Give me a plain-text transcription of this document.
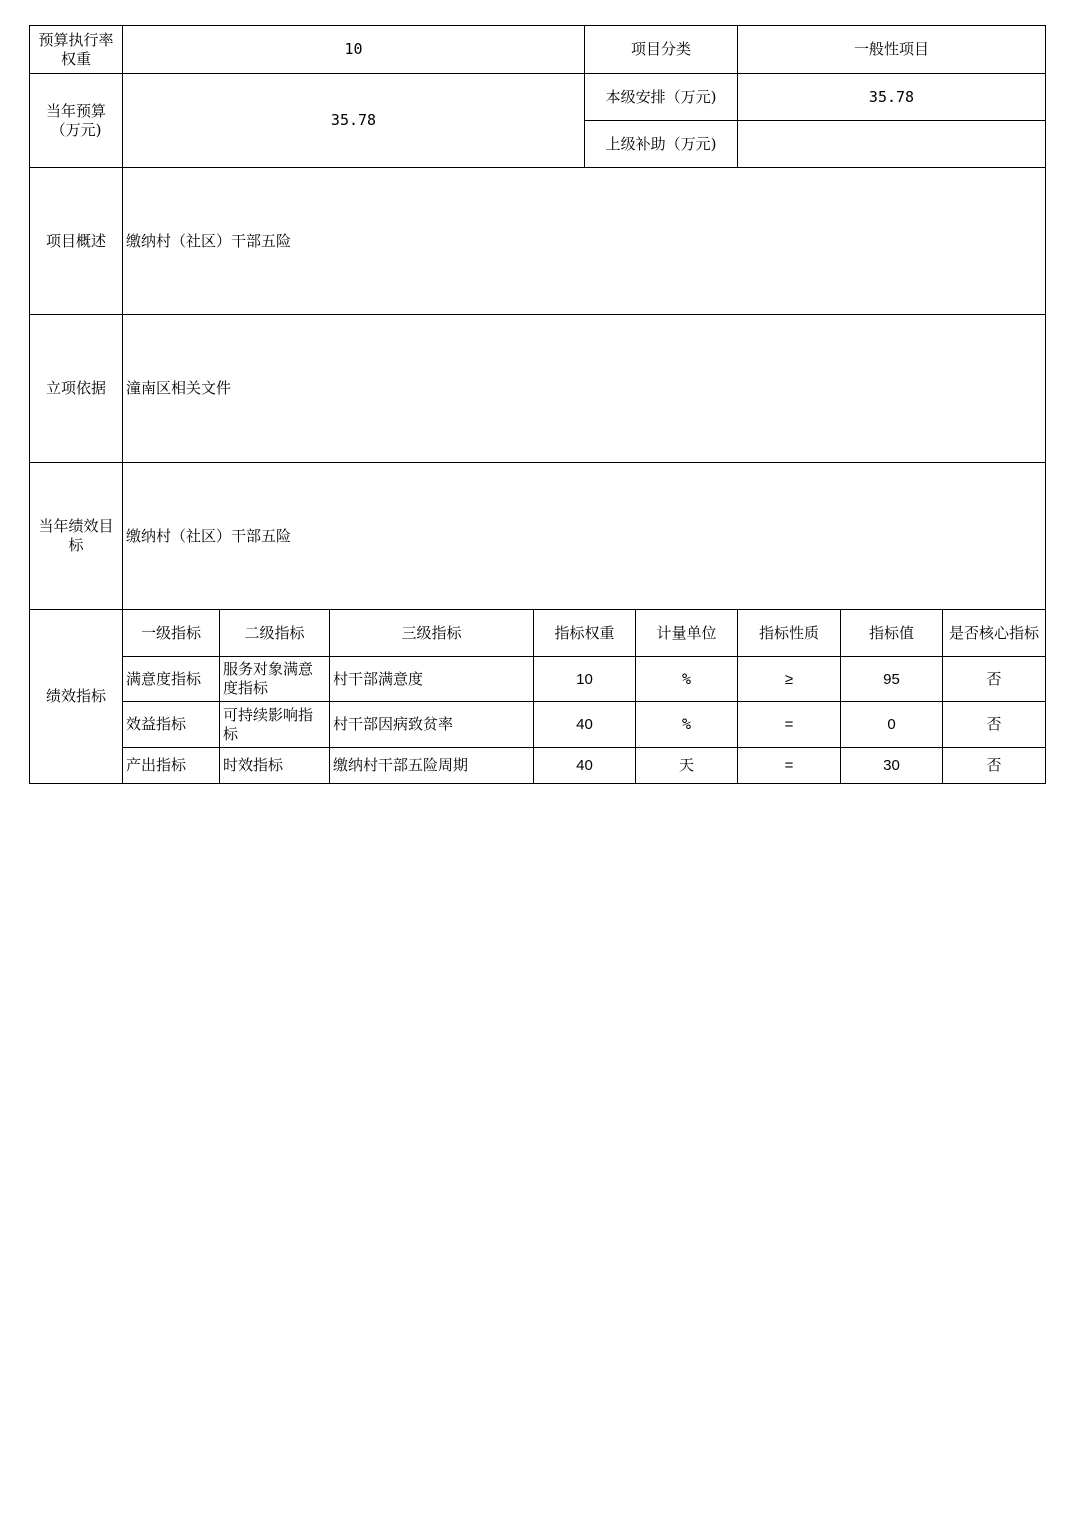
预算执行率权重	10				项目分类		一般性项目		
当年预算（万元)	35.78				本级安排（万元)		35.78		
					上级补助（万元)				
项目概述	缴纳村（社区）干部五险								
立项依据	潼南区相关文件								
当年绩效目标	缴纳村（社区）干部五险								
绩效指标	一级指标	二级指标	三级指标	指标权重		计量单位	指标性质	指标值	是否核心指标
	满意度指标	服务对象满意度指标	村干部满意度	10		%	≥	95	否
	效益指标	可持续影响指标	村干部因病致贫率	40		%	=	0	否
	产出指标	时效指标	缴纳村干部五险周期	40		天	=	30	否
